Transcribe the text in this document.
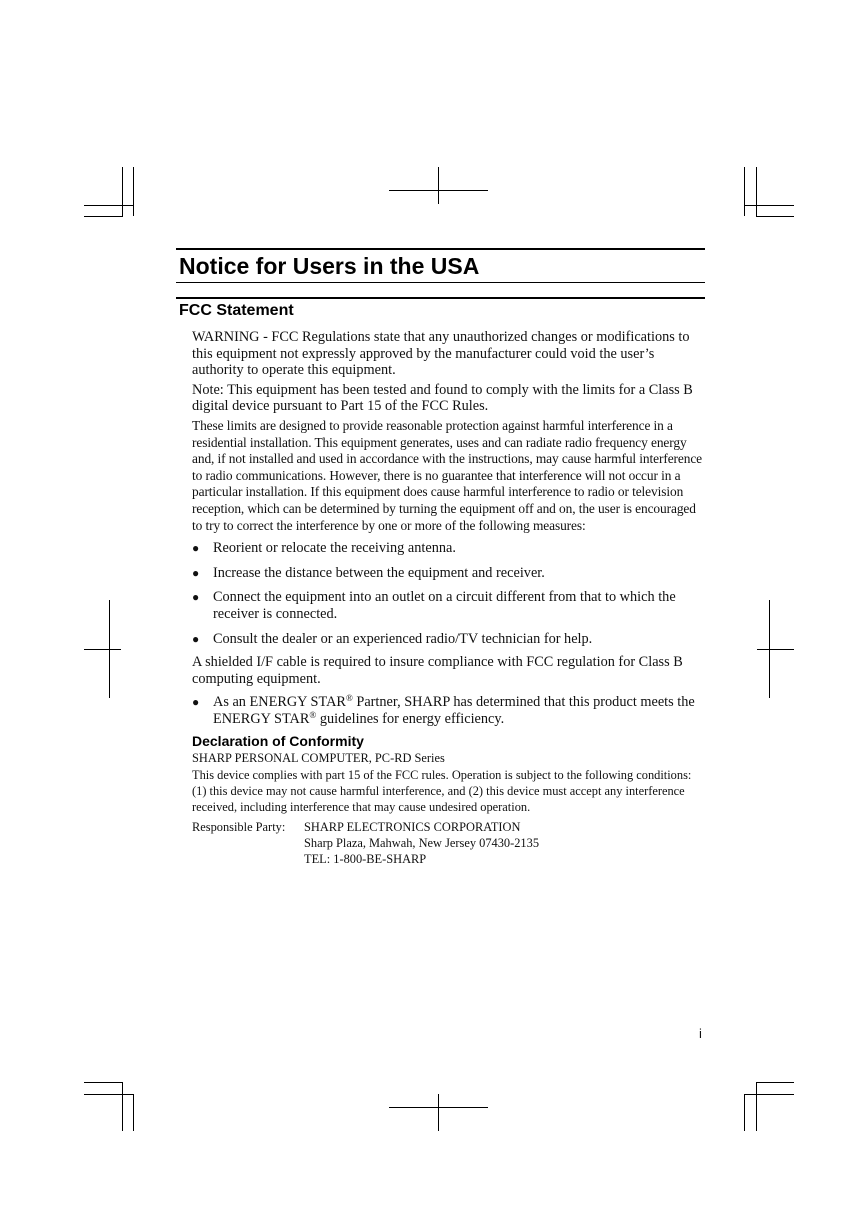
Notice for Users in the USA
FCC Statement

WARNING - FCC Regulations state that any unauthorized changes or modifications to this equipment not expressly approved by the manufacturer could void the user’s authority to operate this equipment.

Note: This equipment has been tested and found to comply with the limits for a Class B digital device pursuant to Part 15 of the FCC Rules.

These limits are designed to provide reasonable protection against harmful interference in a residential installation. This equipment generates, uses and can radiate radio frequency energy and, if not installed and used in accordance with the instructions, may cause harmful interference to radio communications. However, there is no guarantee that interference will not occur in a particular installation. If this equipment does cause harmful interference to radio or television reception, which can be determined by turning the equipment off and on, the user is encouraged to try to correct the interference by one or more of the following measures:

● Reorient or relocate the receiving antenna.
● Increase the distance between the equipment and receiver.
● Connect the equipment into an outlet on a circuit different from that to which the receiver is connected.
● Consult the dealer or an experienced radio/TV technician for help.

A shielded I/F cable is required to insure compliance with FCC regulation for Class B computing equipment.

● As an ENERGY STAR® Partner, SHARP has determined that this product meets the ENERGY STAR® guidelines for energy efficiency.
Declaration of Conformity

SHARP PERSONAL COMPUTER, PC-RD Series

This device complies with part 15 of the FCC rules. Operation is subject to the following conditions:(1) this device may not cause harmful interference, and (2) this device must accept any interference received, including interference that may cause undesired operation.

Responsible Party:	SHARP ELECTRONICS CORPORATION
Sharp Plaza, Mahwah, New Jersey 07430-2135
TEL: 1-800-BE-SHARP
i
